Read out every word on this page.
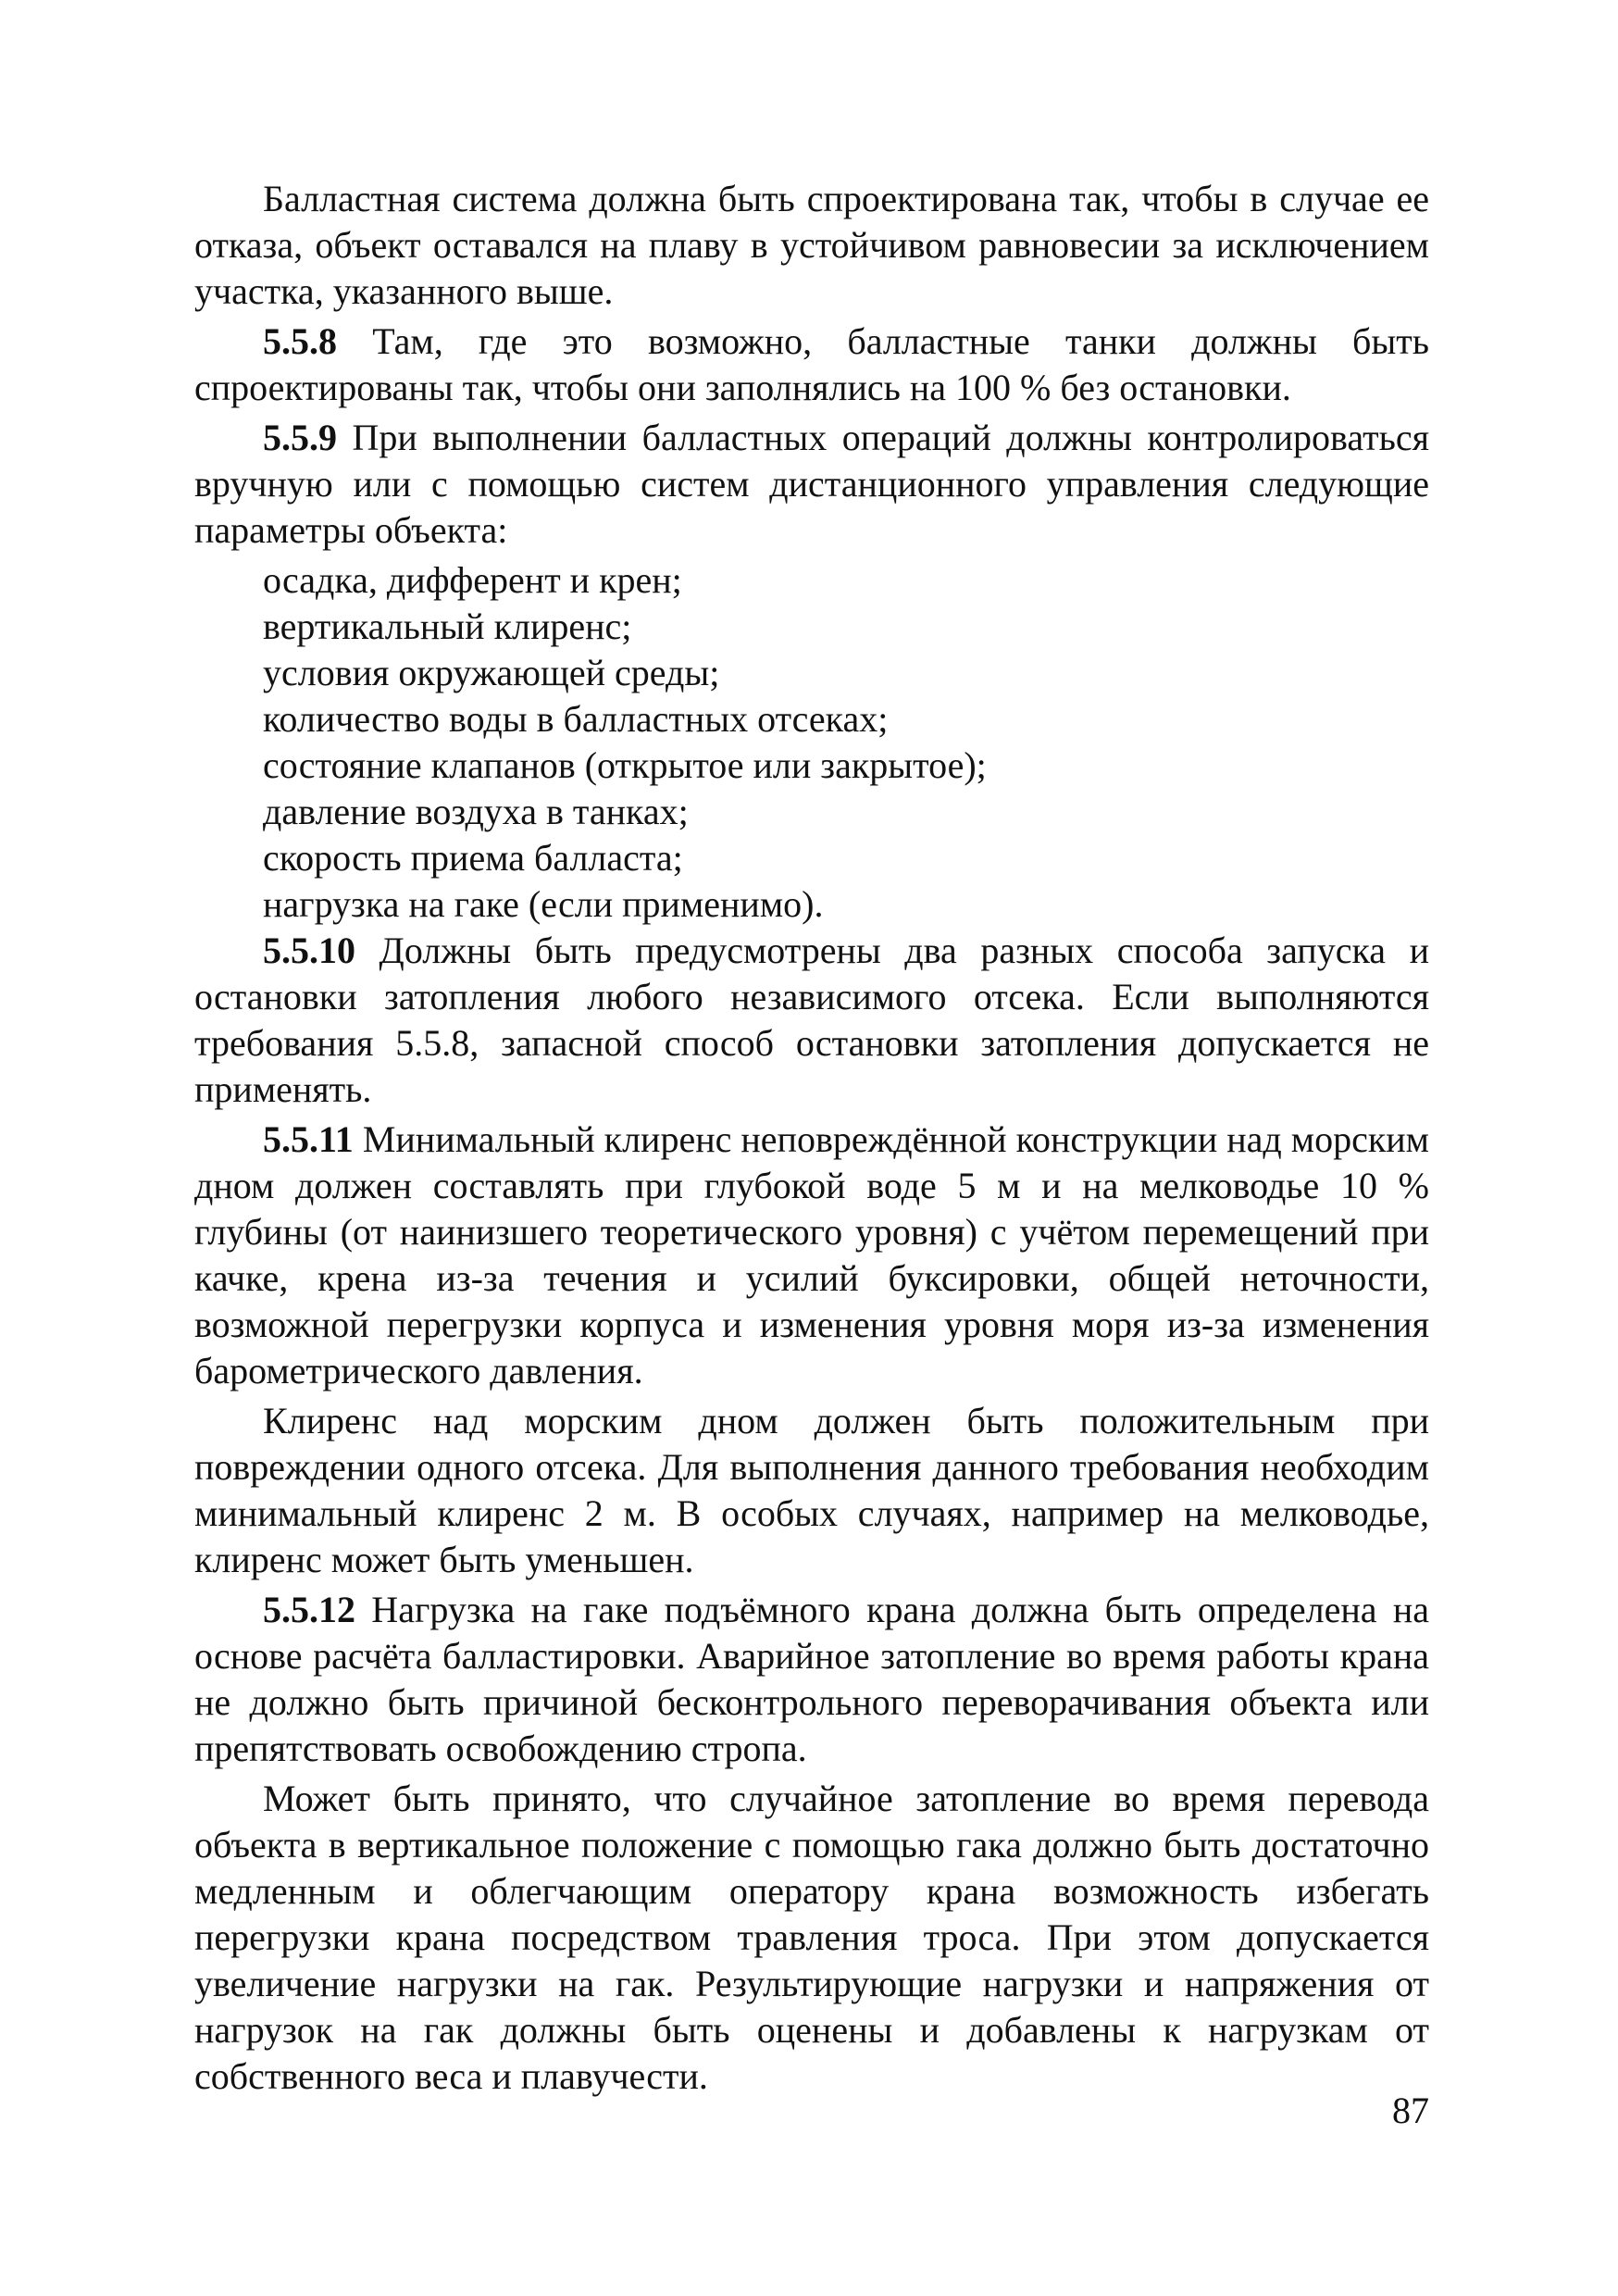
Балластная система должна быть спроектирована так, чтобы в случае ее отказа, объект оставался на плаву в устойчивом равновесии за исключением участка, указанного выше.

5.5.8 Там, где это возможно, балластные танки должны быть спроектированы так, чтобы они заполнялись на 100 % без остановки.

5.5.9 При выполнении балластных операций должны контролироваться вручную или с помощью систем дистанционного управления следующие параметры объекта:

осадка, дифферент и крен;
вертикальный клиренс;
условия окружающей среды;
количество воды в балластных отсеках;
состояние клапанов (открытое или закрытое);
давление воздуха в танках;
скорость приема балласта;
нагрузка на гаке (если применимо).

5.5.10 Должны быть предусмотрены два разных способа запуска и остановки затопления любого независимого отсека. Если выполняются требования 5.5.8, запасной способ остановки затопления допускается не применять.

5.5.11 Минимальный клиренс неповреждённой конструкции над морским дном должен составлять при глубокой воде 5 м и на мелководье 10 % глубины (от наинизшего теоретического уровня) с учётом перемещений при качке, крена из-за течения и усилий буксировки, общей неточности, возможной перегрузки корпуса и изменения уровня моря из-за изменения барометрического давления.

Клиренс над морским дном должен быть положительным при повреждении одного отсека. Для выполнения данного требования необходим минимальный клиренс 2 м. В особых случаях, например на мелководье, клиренс может быть уменьшен.

5.5.12 Нагрузка на гаке подъёмного крана должна быть определена на основе расчёта балластировки. Аварийное затопление во время работы крана не должно быть причиной бесконтрольного переворачивания объекта или препятствовать освобождению стропа.

Может быть принято, что случайное затопление во время перевода объекта в вертикальное положение с помощью гака должно быть достаточно медленным и облегчающим оператору крана возможность избегать перегрузки крана посредством травления троса. При этом допускается увеличение нагрузки на гак. Результирующие нагрузки и напряжения от нагрузок на гак должны быть оценены и добавлены к нагрузкам от собственного веса и плавучести.

87
